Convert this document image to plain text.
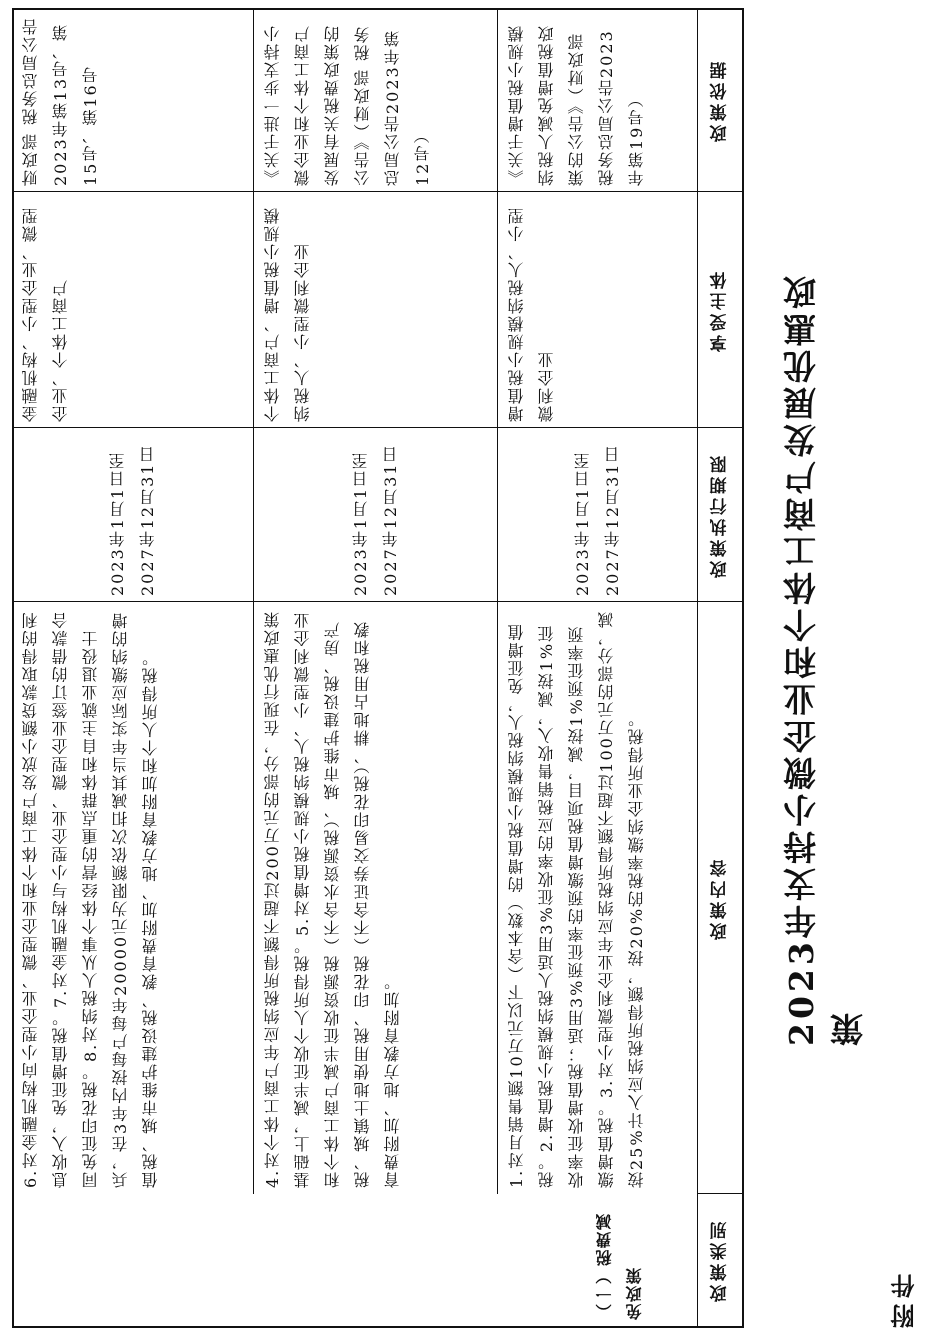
附件
2023年支持小微企业和个体工商户发展优惠政策
政策类别
政策内容
政策执行期限
享受主体
政策依据
（一）税费减免政策
1.对月销售额10万元以下（含本数）的增值税小规模纳税人，免征增值税。2.增值税小规模纳税人适用3%征收率的应税销售收入，减按1%征收率征收增值税；适用3%预征率的预缴增值税项目，减按1%预征率预缴增值税。3.对小型微利企业年应纳税所得额不超过100万元的部分，减按25%计入应纳税所得额，按20%的税率缴纳企业所得税。
2023年1月1日至2027年12月31日
增值税小规模纳税人、小型微利企业
《关于增值税小规模纳税人减免增值税政策的公告》（财政部 税务总局公告2023年第19号）
4.对个体工商户年应纳税所得额不超过200万元的部分，在现行优惠政策基础上，减半征收个人所得税。5.对增值税小规模纳税人、小型微利企业和个体工商户减半征收资源税（不含水资源税）、城市维护建设税、房产税、城镇土地使用税、印花税（不含证券交易印花税）、耕地占用税和教育费附加、地方教育附加。
2023年1月1日至2027年12月31日
个体工商户、增值税小规模纳税人、小型微利企业
《关于进一步支持小微企业和个体工商户发展有关税费政策的公告》（财政部 税务总局公告2023年第12号）
6.对金融机构向小型企业、微型企业和个体工商户发放小额贷款取得的利息收入，免征增值税。7.对金融机构与小型企业、微型企业签订的借款合同免征印花税。8.对纳税人从事个体经营的重点群体和自主就业退役士兵，在3年内按每户每年20000元为限额依次扣减其当年实际应缴纳的增值税、城市维护建设税、教育费附加、地方教育附加和个人所得税。
2023年1月1日至2027年12月31日
金融机构、小型企业、微型企业、个体工商户
财政部 税务总局公告2023年第13号、第15号、第16号
